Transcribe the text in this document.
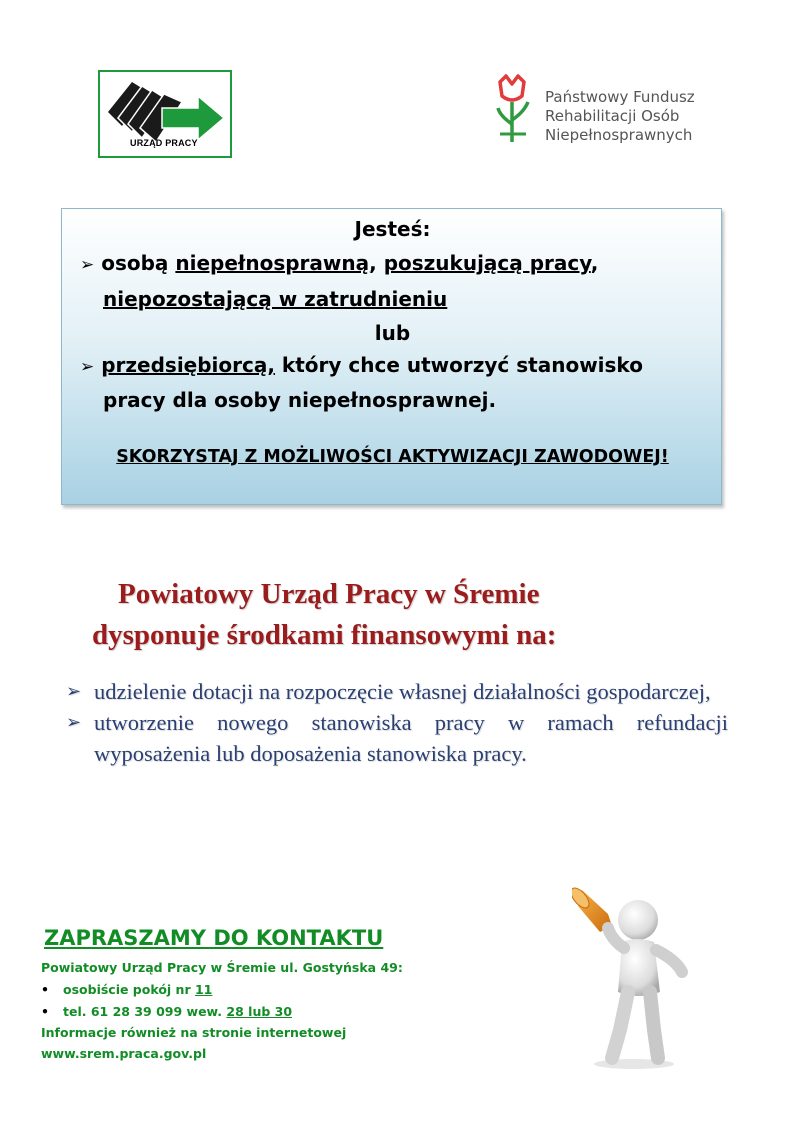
URZĄD PRACY
Państwowy Fundusz
Rehabilitacji Osób
Niepełnosprawnych
Jesteś:
➢ osobą niepełnosprawną, poszukującą pracy,
niepozostającą w zatrudnieniu
lub
➢ przedsiębiorcą, który chce utworzyć stanowisko
pracy dla osoby niepełnosprawnej.
SKORZYSTAJ Z MOŻLIWOŚCI AKTYWIZACJI ZAWODOWEJ!
Powiatowy Urząd Pracy w Śremie
dysponuje środkami finansowymi na:
➢ udzielenie dotacji na rozpoczęcie własnej działalności gospodarczej,
➢ utworzenie nowego stanowiska pracy w ramach refundacji wyposażenia lub doposażenia stanowiska pracy.
ZAPRASZAMY DO KONTAKTU
Powiatowy Urząd Pracy w Śremie ul. Gostyńska 49:
• osobiście pokój nr 11
• tel. 61 28 39 099 wew. 28 lub 30
Informacje również na stronie internetowej
www.srem.praca.gov.pl
